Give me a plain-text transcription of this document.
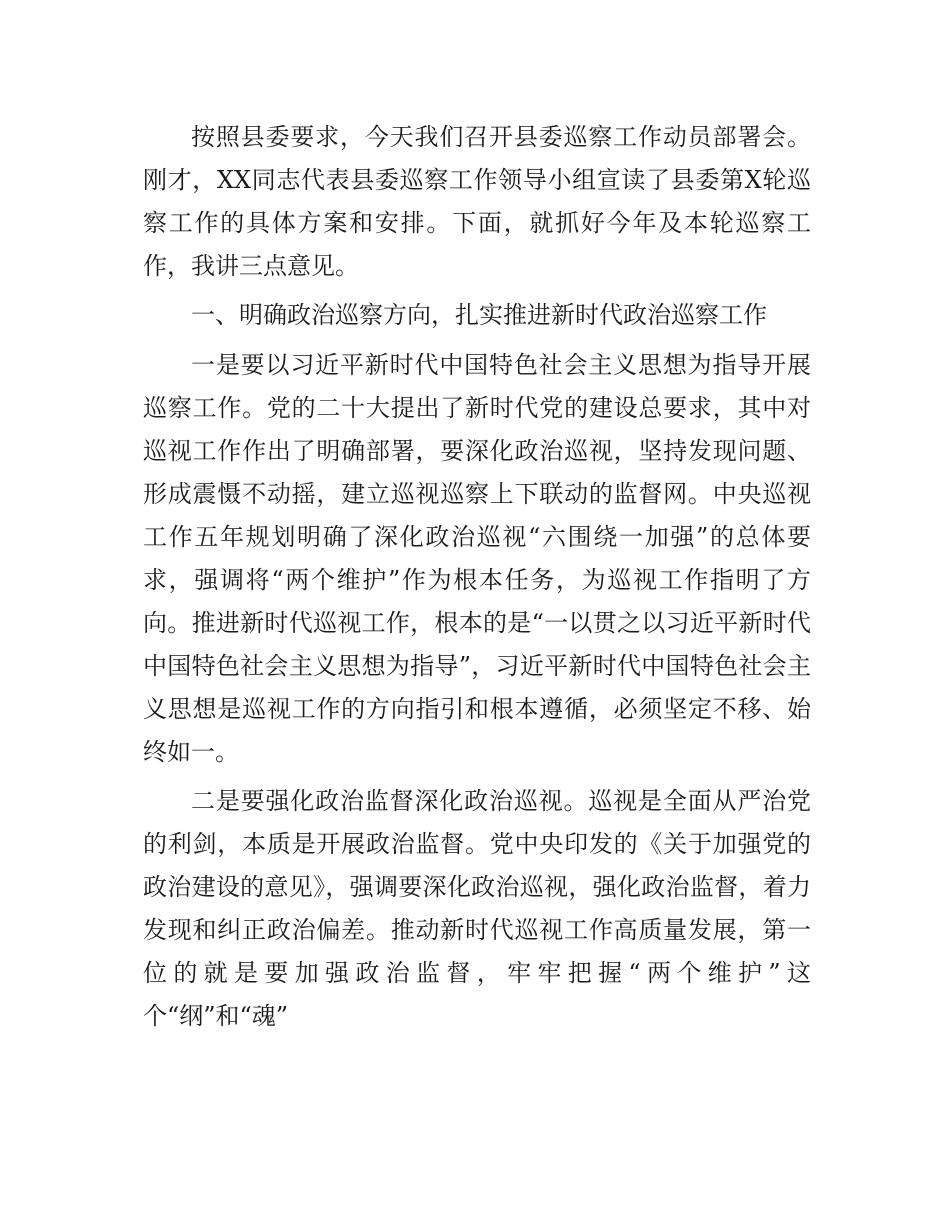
按照县委要求，今天我们召开县委巡察工作动员部署会。刚才，XX同志代表县委巡察工作领导小组宣读了县委第X轮巡察工作的具体方案和安排。下面，就抓好今年及本轮巡察工作，我讲三点意见。

一、明确政治巡察方向，扎实推进新时代政治巡察工作

一是要以习近平新时代中国特色社会主义思想为指导开展巡察工作。党的二十大提出了新时代党的建设总要求，其中对巡视工作作出了明确部署，要深化政治巡视，坚持发现问题、形成震慑不动摇，建立巡视巡察上下联动的监督网。中央巡视工作五年规划明确了深化政治巡视“六围绕一加强”的总体要求，强调将“两个维护”作为根本任务，为巡视工作指明了方向。推进新时代巡视工作，根本的是“一以贯之以习近平新时代中国特色社会主义思想为指导”，习近平新时代中国特色社会主义思想是巡视工作的方向指引和根本遵循，必须坚定不移、始终如一。

二是要强化政治监督深化政治巡视。巡视是全面从严治党的利剑，本质是开展政治监督。党中央印发的《关于加强党的政治建设的意见》，强调要深化政治巡视，强化政治监督，着力发现和纠正政治偏差。推动新时代巡视工作高质量发展，第一位的就是要加强政治监督，牢牢把握“两个维护”这个“纲”和“魂”
